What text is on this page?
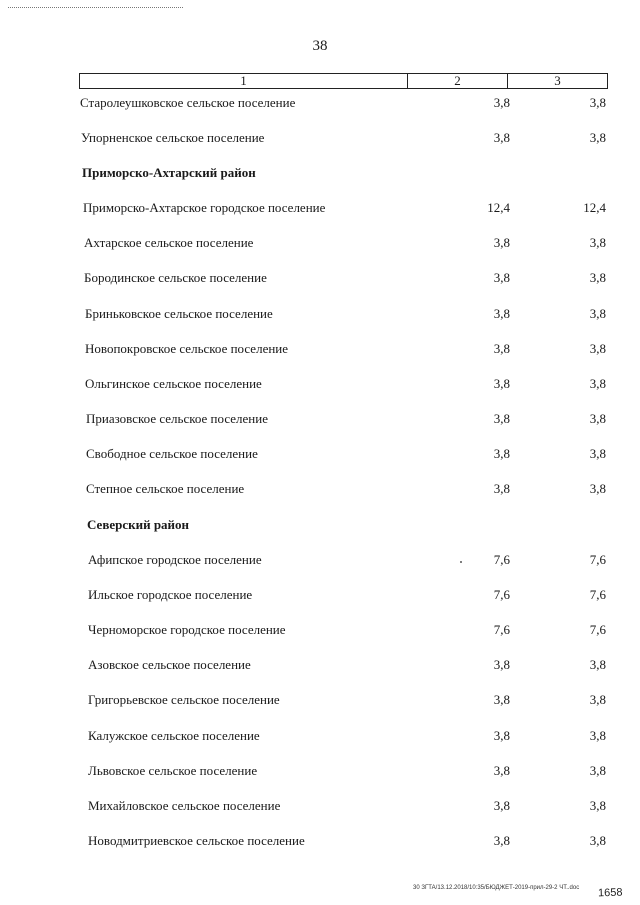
38
1	2	3
Старолеушковское сельское поселение	3,8	3,8
Упорненское сельское поселение	3,8	3,8
Приморско-Ахтарский район
Приморско-Ахтарское городское поселение	12,4	12,4
Ахтарское сельское поселение	3,8	3,8
Бородинское сельское поселение	3,8	3,8
Бриньковское сельское поселение	3,8	3,8
Новопокровское сельское поселение	3,8	3,8
Ольгинское сельское поселение	3,8	3,8
Приазовское сельское поселение	3,8	3,8
Свободное сельское поселение	3,8	3,8
Степное сельское поселение	3,8	3,8
Северский район
Афипское городское поселение	7,6	7,6
Ильское городское поселение	7,6	7,6
Черноморское городское поселение	7,6	7,6
Азовское сельское поселение	3,8	3,8
Григорьевское сельское поселение	3,8	3,8
Калужское сельское поселение	3,8	3,8
Львовское сельское поселение	3,8	3,8
Михайловское сельское поселение	3,8	3,8
Новодмитриевское сельское поселение	3,8	3,8
30 ЗГТА/13.12.2018/10:35/БЮДЖЕТ-2019-прил-29-2 ЧТ..doc 1658
